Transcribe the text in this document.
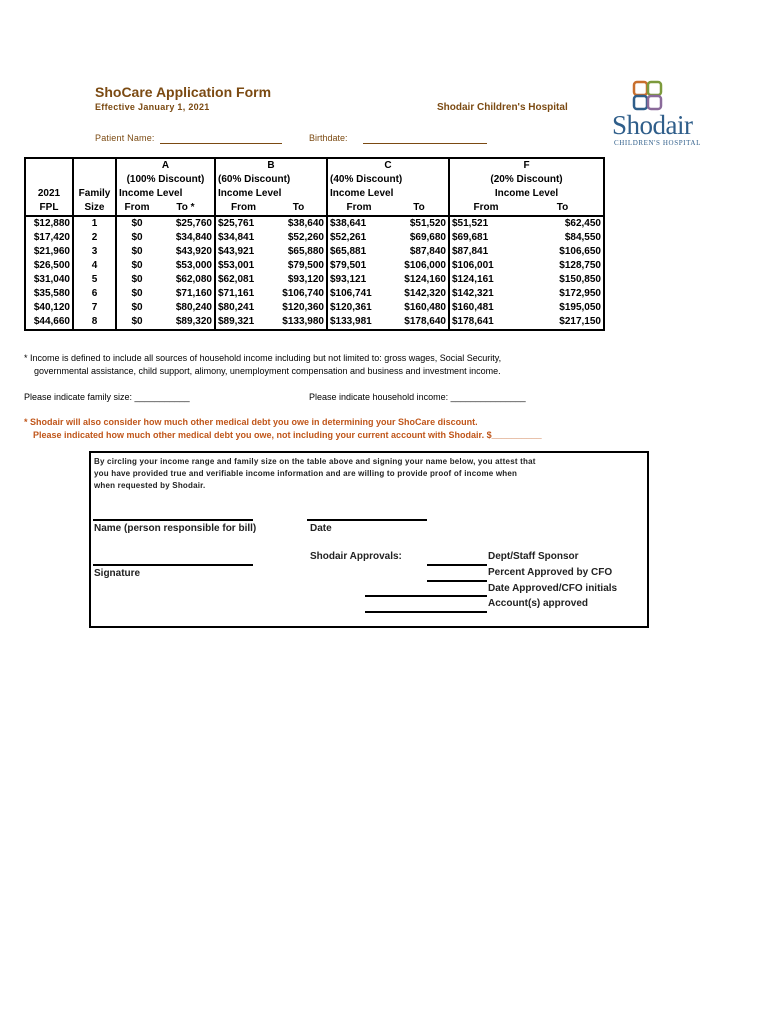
ShoCare Application Form
Effective January 1, 2021	Shodair Children's Hospital
Shodair
CHILDREN'S HOSPITAL
Patient Name:	Birthdate:
		A		B		C		F	
		(100% Discount)		(60% Discount)		(40% Discount)		(20% Discount)	
2021	Family	Income Level		Income Level		Income Level		Income Level	
FPL	Size	From	To *	From	To	From	To	From	To
$12,880	1	$0	$25,760	$25,761	$38,640	$38,641	$51,520	$51,521	$62,450
$17,420	2	$0	$34,840	$34,841	$52,260	$52,261	$69,680	$69,681	$84,550
$21,960	3	$0	$43,920	$43,921	$65,880	$65,881	$87,840	$87,841	$106,650
$26,500	4	$0	$53,000	$53,001	$79,500	$79,501	$106,000	$106,001	$128,750
$31,040	5	$0	$62,080	$62,081	$93,120	$93,121	$124,160	$124,161	$150,850
$35,580	6	$0	$71,160	$71,161	$106,740	$106,741	$142,320	$142,321	$172,950
$40,120	7	$0	$80,240	$80,241	$120,360	$120,361	$160,480	$160,481	$195,050
$44,660	8	$0	$89,320	$89,321	$133,980	$133,981	$178,640	$178,641	$217,150
* Income is defined to include all sources of household income including but not limited to: gross wages, Social Security,
governmental assistance, child support, alimony, unemployment compensation and business and investment income.
Please indicate family size: ___________	Please indicate household income: _______________
* Shodair will also consider how much other medical debt you owe in determining your ShoCare discount.
Please indicated how much other medical debt you owe, not including your current account with Shodair. $__________
By circling your income range and family size on the table above and signing your name below, you attest that
you have provided true and verifiable income information and are willing to provide proof of income when
when requested by Shodair.
Name (person responsible for bill)	Date
Shodair Approvals:
Signature
Dept/Staff Sponsor
Percent Approved by CFO
Date Approved/CFO initials
Account(s) approved
